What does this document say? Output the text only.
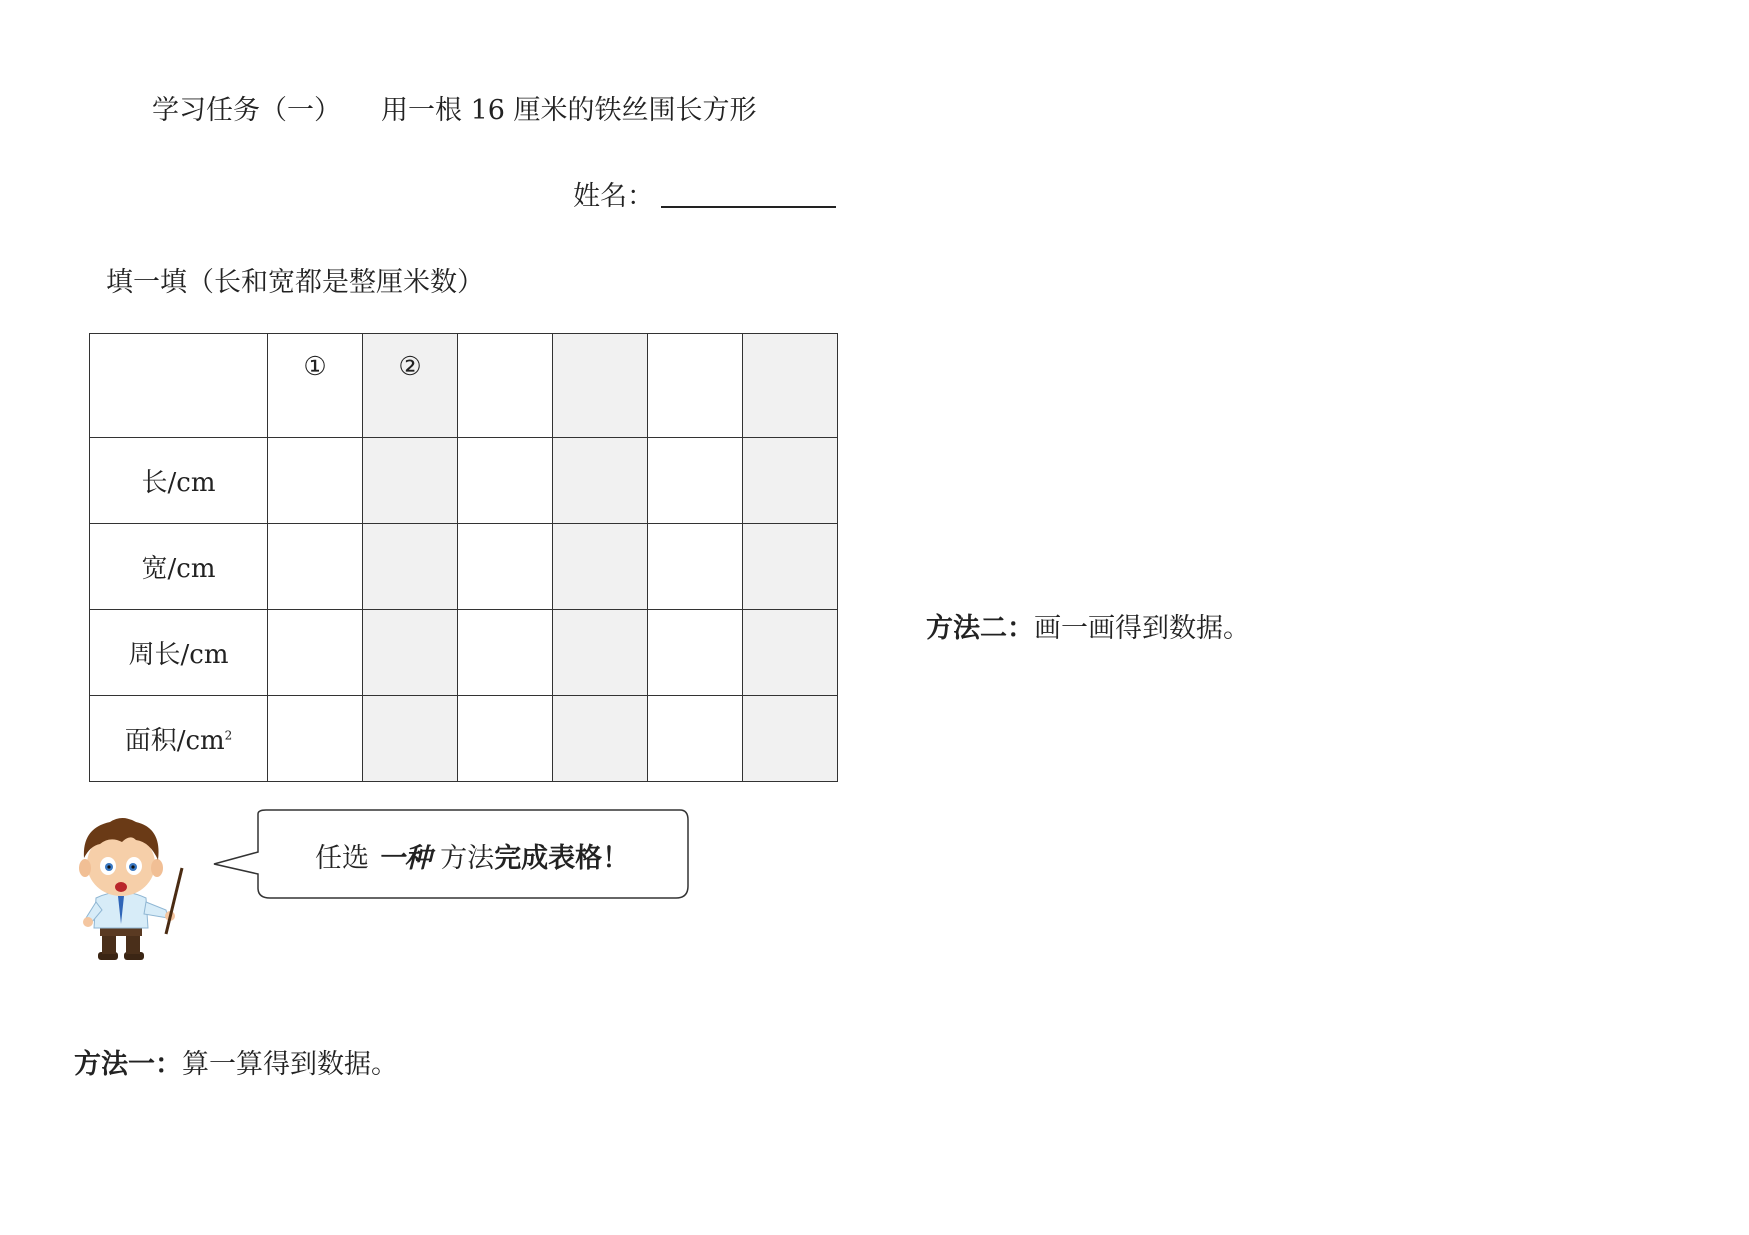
学习任务（一） 用一根 16 厘米的铁丝围长方形
姓名：
填一填（长和宽都是整厘米数）
	①	②				
长/cm						
宽/cm						
周长/cm						
面积$/cm^2$						
方法二：画一画得到数据。
任选 一种 方法完成表格！
方法一：算一算得到数据。
